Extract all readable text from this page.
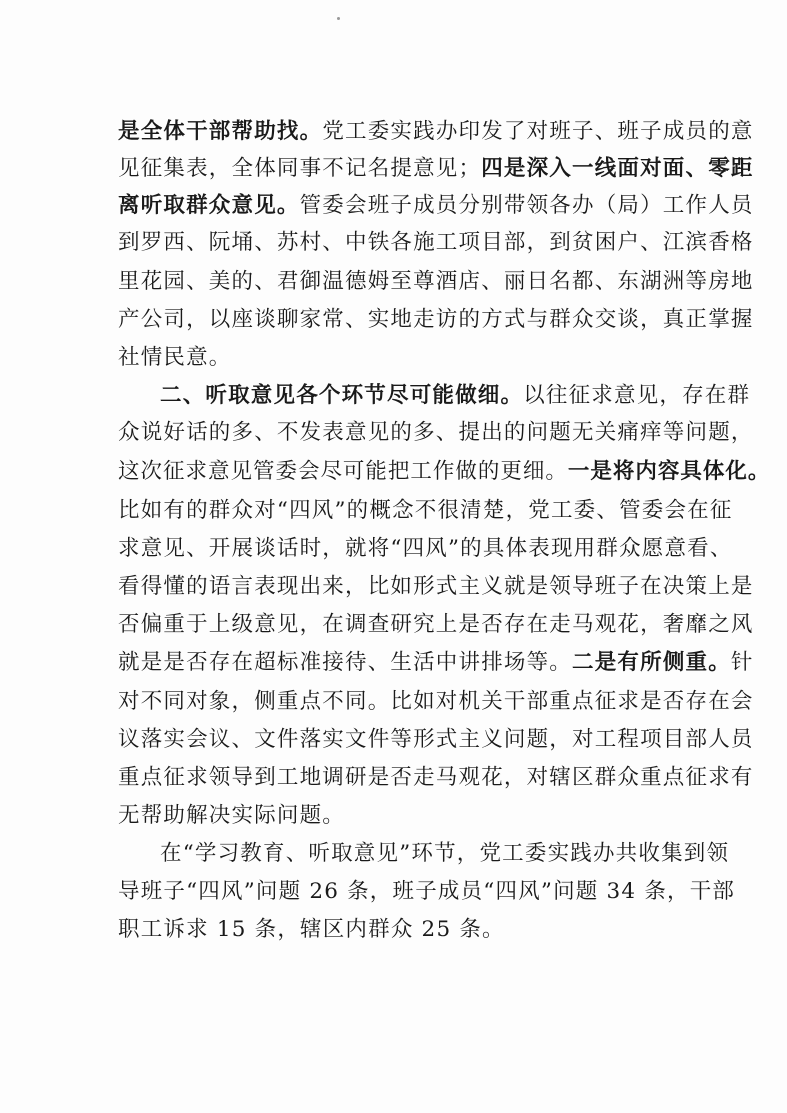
是全体干部帮助找。党工委实践办印发了对班子、班子成员的意
见征集表，全体同事不记名提意见；四是深入一线面对面、零距
离听取群众意见。管委会班子成员分别带领各办（局）工作人员
到罗西、阮埇、苏村、中铁各施工项目部，到贫困户、江滨香格
里花园、美的、君御温德姆至尊酒店、丽日名都、东湖洲等房地
产公司，以座谈聊家常、实地走访的方式与群众交谈，真正掌握
社情民意。
二、听取意见各个环节尽可能做细。以往征求意见，存在群
众说好话的多、不发表意见的多、提出的问题无关痛痒等问题，
这次征求意见管委会尽可能把工作做的更细。一是将内容具体化。
比如有的群众对“四风”的概念不很清楚，党工委、管委会在征
求意见、开展谈话时，就将“四风”的具体表现用群众愿意看、
看得懂的语言表现出来，比如形式主义就是领导班子在决策上是
否偏重于上级意见，在调查研究上是否存在走马观花，奢靡之风
就是是否存在超标准接待、生活中讲排场等。二是有所侧重。针
对不同对象，侧重点不同。比如对机关干部重点征求是否存在会
议落实会议、文件落实文件等形式主义问题，对工程项目部人员
重点征求领导到工地调研是否走马观花，对辖区群众重点征求有
无帮助解决实际问题。
在“学习教育、听取意见”环节，党工委实践办共收集到领
导班子“四风”问题 26 条，班子成员“四风”问题 34 条，干部
职工诉求 15 条，辖区内群众 25 条。
